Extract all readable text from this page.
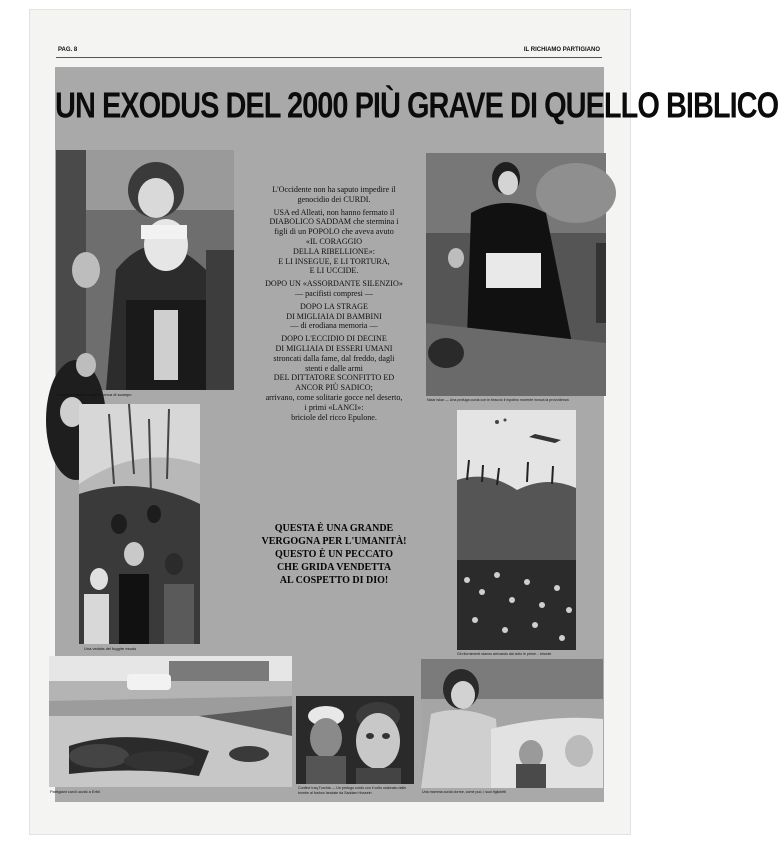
PAG. 8	IL RICHIAMO PARTIGIANO
UN EXODUS DEL 2000 PIÙ GRAVE DI QUELLO BIBLICO
Donne e bambini curdi in cerca di scampo
Nizar Iskar — Una profuga curda con in braccio il nipotino morente invoca la provvidenza
Una veduta del fuggire esodo
Gli rifornimenti stanno arrivando dal cielo le prime... briciole
Partigiani curdi uccisi a Erbil
Confine Iraq-Turchia — Un profugo curdo con il volto ustionato dalle bombe al fosforo lanciate da Saddam Hussein	Una mamma curda dorme, come può, i suoi figlioletti

L'Occidente non ha saputo impedire il
genocidio dei CURDI.

USA ed Alleati, non hanno fermato il
DIABOLICO SADDAM che stermina i
figli di un POPOLO che aveva avuto
«IL CORAGGIO
DELLA RIBELLIONE»:
E LI INSEGUE, E LI TORTURA,
E LI UCCIDE.

DOPO UN «ASSORDANTE SILENZIO»
— pacifisti compresi —

DOPO LA STRAGE
DI MIGLIAIA DI BAMBINI
— di erodiana memoria —

DOPO L'ECCIDIO DI DECINE
DI MIGLIAIA DI ESSERI UMANI
stroncati dalla fame, dal freddo, dagli
stenti e dalle armi
DEL DITTATORE SCONFITTO ED
ANCOR PIÙ SADICO;
arrivano, come solitarie gocce nel deserto,
i primi «LANCI»:
briciole del ricco Epulone.

QUESTA È UNA GRANDE
VERGOGNA PER L'UMANITÀ!
QUESTO È UN PECCATO
CHE GRIDA VENDETTA
AL COSPETTO DI DIO!
